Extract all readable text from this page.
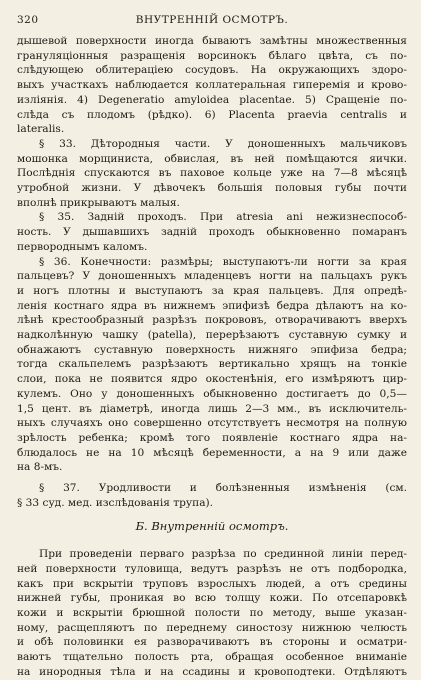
320	ВНУТРЕННІЙ ОСМОТРЪ.
дышевой поверхности иногда бываютъ замѣтны множественныя
грануляціонныя разращенія ворсинокъ бѣлаго цвѣта, съ по-
слѣдующею облитераціею сосудовъ. На окружающихъ здоро-
выхъ участкахъ наблюдается коллатеральная гиперемія и крово-
изліянія. 4) Degeneratio amyloidea placentae. 5) Сращеніе по-
слѣда съ плодомъ (рѣдко). 6) Placenta praevia centralis и
lateralis.
§ 33. Дѣтородныя части. У доношенныхъ мальчиковъ
мошонка морщиниста, обвислая, въ ней помѣщаются яички.
Послѣднія спускаются въ паховое кольце уже на 7—8 мѣсяцѣ
утробной жизни. У дѣвочекъ большія половыя губы почти
вполнѣ прикрываютъ малыя.
§ 35. Задній проходъ. При atresia ani нежизнеспособ-
ность. У дышавшихъ задній проходъ обыкновенно помаранъ
первороднымъ каломъ.
§ 36. Конечности: размѣры; выступаютъ-ли ногти за края
пальцевъ? У доношенныхъ младенцевъ ногти на пальцахъ рукъ
и ногъ плотны и выступаютъ за края пальцевъ. Для опредѣ-
ленія костнаго ядра въ нижнемъ эпифизѣ бедра дѣлаютъ на ко-
лѣнѣ крестообразный разрѣзъ покрововъ, отворачиваютъ вверхъ
надколѣнную чашку (patella), перерѣзаютъ суставную сумку и
обнажаютъ суставную поверхность нижняго эпифиза бедра;
тогда скальпелемъ разрѣзаютъ вертикально хрящъ на тонкіе
слои, пока не появится ядро окостенѣнія, его измѣряютъ цир-
кулемъ. Оно у доношенныхъ обыкновенно достигаетъ до 0,5—
1,5 цент. въ діаметрѣ, иногда лишь 2—3 мм., въ исключитель-
ныхъ случаяхъ оно совершенно отсутствуетъ несмотря на полную
зрѣлость ребенка; кромѣ того появленіе костнаго ядра на-
блюдалось не на 10 мѣсяцѣ беременности, а на 9 или даже
на 8-мъ.
§ 37. Уродливости и болѣзненныя измѣненія (см.
§ 33 суд. мед. изслѣдованія трупа).
Б. Внутренній осмотръ.
При проведеніи перваго разрѣза по срединной линіи перед-
ней поверхности туловища, ведутъ разрѣзъ не отъ подбородка,
какъ при вскрытіи труповъ взрослыхъ людей, а отъ средины
нижней губы, проникая во всю толщу кожи. По отсепаровкѣ
кожи и вскрытіи брюшной полости по методу, выше указан-
ному, расщепляютъ по переднему синостозу нижнюю челюсть
и обѣ половинки ея разворачиваютъ въ стороны и осматри-
ваютъ тщательно полость рта, обращая особенное вниманіе
на инородныя тѣла и на ссадины и кровоподтеки. Отдѣляютъ
